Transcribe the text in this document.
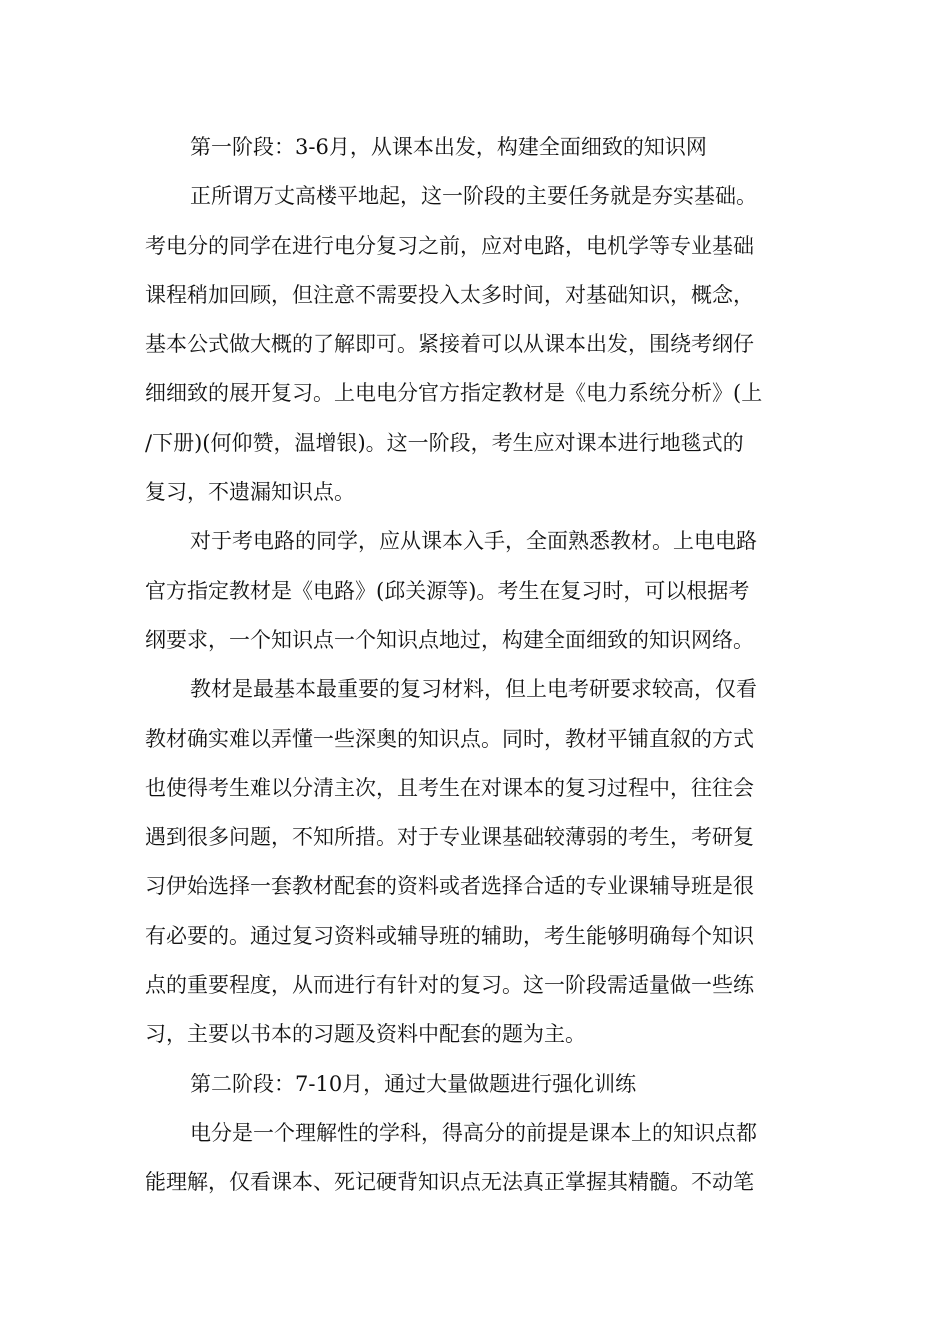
第一阶段：3-6月，从课本出发，构建全面细致的知识网
正所谓万丈高楼平地起，这一阶段的主要任务就是夯实基础。
考电分的同学在进行电分复习之前，应对电路，电机学等专业基础
课程稍加回顾，但注意不需要投入太多时间，对基础知识，概念，
基本公式做大概的了解即可。紧接着可以从课本出发，围绕考纲仔
细细致的展开复习。上电电分官方指定教材是《电力系统分析》(上
/下册)(何仰赞，温增银)。这一阶段，考生应对课本进行地毯式的
复习，不遗漏知识点。
对于考电路的同学，应从课本入手，全面熟悉教材。上电电路
官方指定教材是《电路》(邱关源等)。考生在复习时，可以根据考
纲要求，一个知识点一个知识点地过，构建全面细致的知识网络。
教材是最基本最重要的复习材料，但上电考研要求较高，仅看
教材确实难以弄懂一些深奥的知识点。同时，教材平铺直叙的方式
也使得考生难以分清主次，且考生在对课本的复习过程中，往往会
遇到很多问题，不知所措。对于专业课基础较薄弱的考生，考研复
习伊始选择一套教材配套的资料或者选择合适的专业课辅导班是很
有必要的。通过复习资料或辅导班的辅助，考生能够明确每个知识
点的重要程度，从而进行有针对的复习。这一阶段需适量做一些练
习，主要以书本的习题及资料中配套的题为主。
第二阶段：7-10月，通过大量做题进行强化训练
电分是一个理解性的学科，得高分的前提是课本上的知识点都
能理解，仅看课本、死记硬背知识点无法真正掌握其精髓。不动笔
